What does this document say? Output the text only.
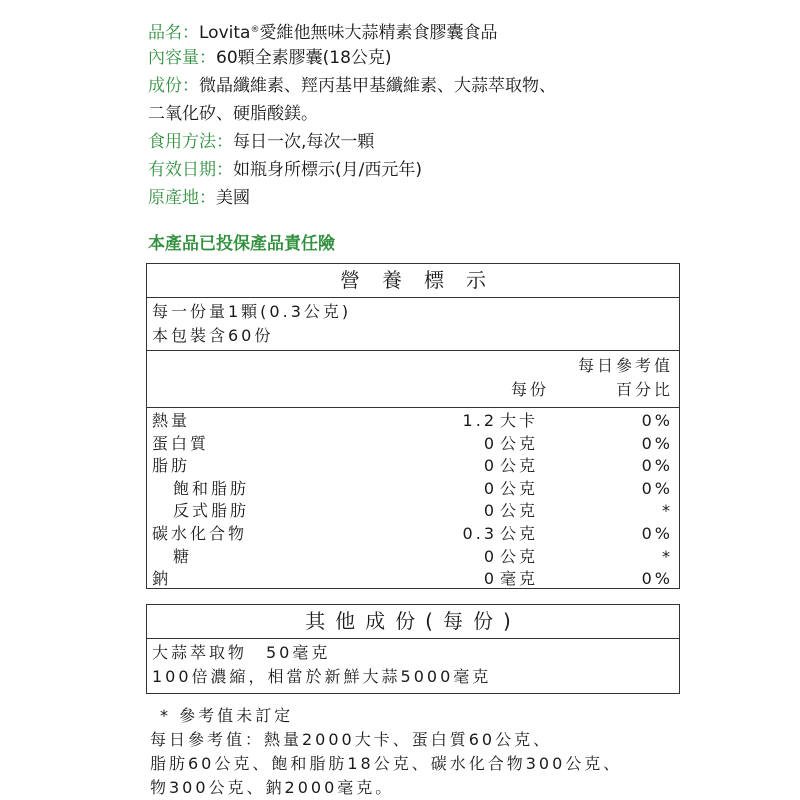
品名：Lovita®愛維他無味大蒜精素食膠囊食品
內容量：60顆全素膠囊(18公克)
成份：微晶纖維素、羥丙基甲基纖維素、大蒜萃取物、
二氧化矽、硬脂酸鎂。
食用方法：每日一次,每次一顆
有效日期：如瓶身所標示(月/西元年)
原產地：美國
本產品已投保產品責任險
營養標示
每一份量1顆(0.3公克)
本包裝含60份
每日參考值
每份	百分比
熱量	1.2 大卡	0%
蛋白質	0 公克	0%
脂肪	0 公克	0%
飽和脂肪	0 公克	0%
反式脂肪	0 公克	*
碳水化合物	0.3 公克	0%
糖	0 公克	*
鈉	0 毫克	0%
其他成份(每份)
大蒜萃取物　50毫克
100倍濃縮，相當於新鮮大蒜5000毫克
* 參考值未訂定
每日參考值：熱量2000大卡、蛋白質60公克、
脂肪60公克、飽和脂肪18公克、碳水化合物300公克、
物300公克、鈉2000毫克。
